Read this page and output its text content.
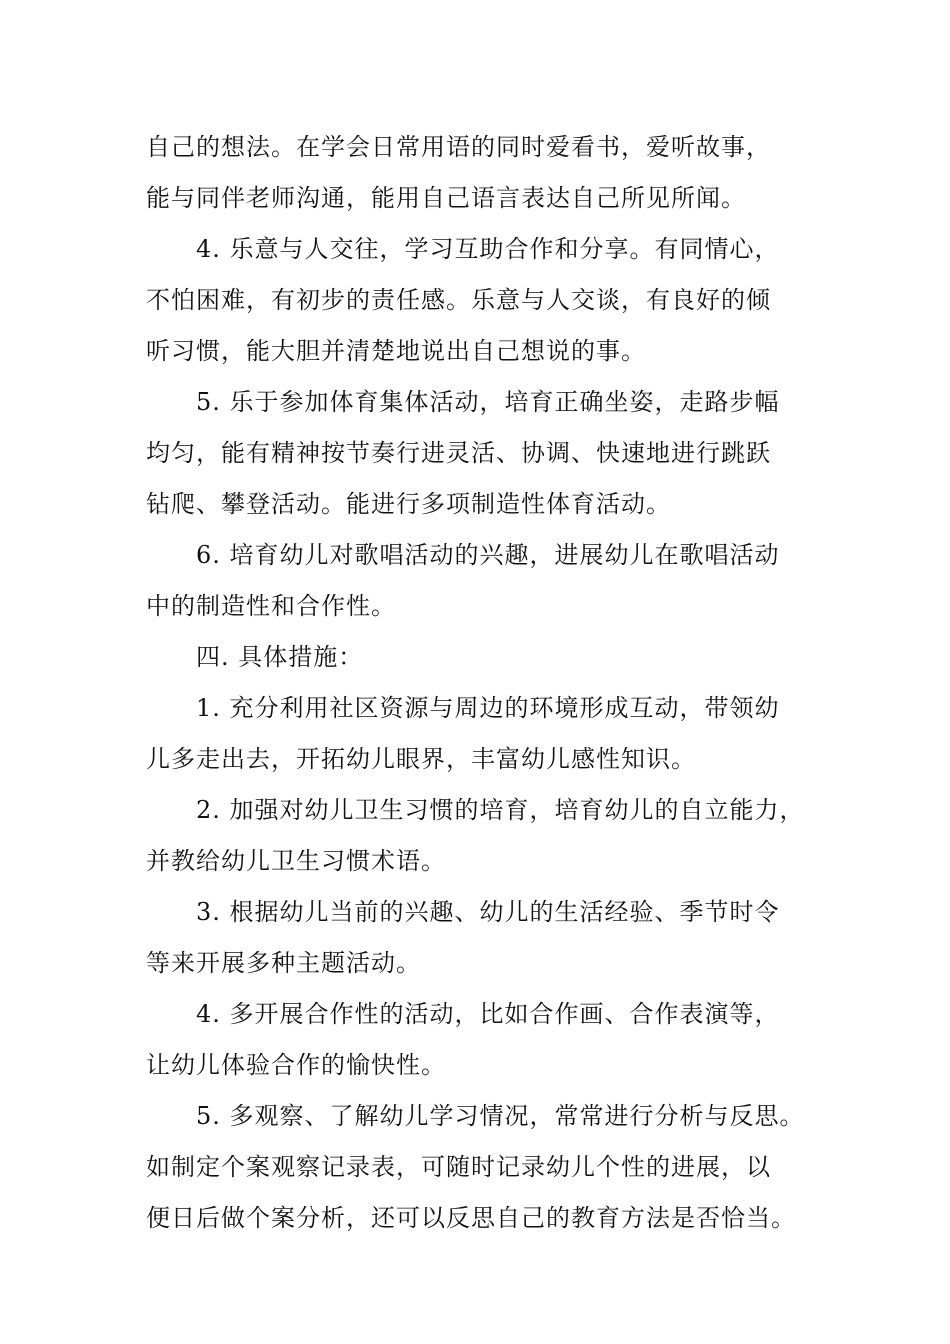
自己的想法。在学会日常用语的同时爱看书，爱听故事，
能与同伴老师沟通，能用自己语言表达自己所见所闻。
4. 乐意与人交往，学习互助合作和分享。有同情心，
不怕困难，有初步的责任感。乐意与人交谈，有良好的倾
听习惯，能大胆并清楚地说出自己想说的事。
5. 乐于参加体育集体活动，培育正确坐姿，走路步幅
均匀，能有精神按节奏行进灵活、协调、快速地进行跳跃
钻爬、攀登活动。能进行多项制造性体育活动。
6. 培育幼儿对歌唱活动的兴趣，进展幼儿在歌唱活动
中的制造性和合作性。
四. 具体措施：
1. 充分利用社区资源与周边的环境形成互动，带领幼
儿多走出去，开拓幼儿眼界，丰富幼儿感性知识。
2. 加强对幼儿卫生习惯的培育，培育幼儿的自立能力，
并教给幼儿卫生习惯术语。
3. 根据幼儿当前的兴趣、幼儿的生活经验、季节时令
等来开展多种主题活动。
4. 多开展合作性的活动，比如合作画、合作表演等，
让幼儿体验合作的愉快性。
5. 多观察、了解幼儿学习情况，常常进行分析与反思。
如制定个案观察记录表，可随时记录幼儿个性的进展，以
便日后做个案分析，还可以反思自己的教育方法是否恰当。
